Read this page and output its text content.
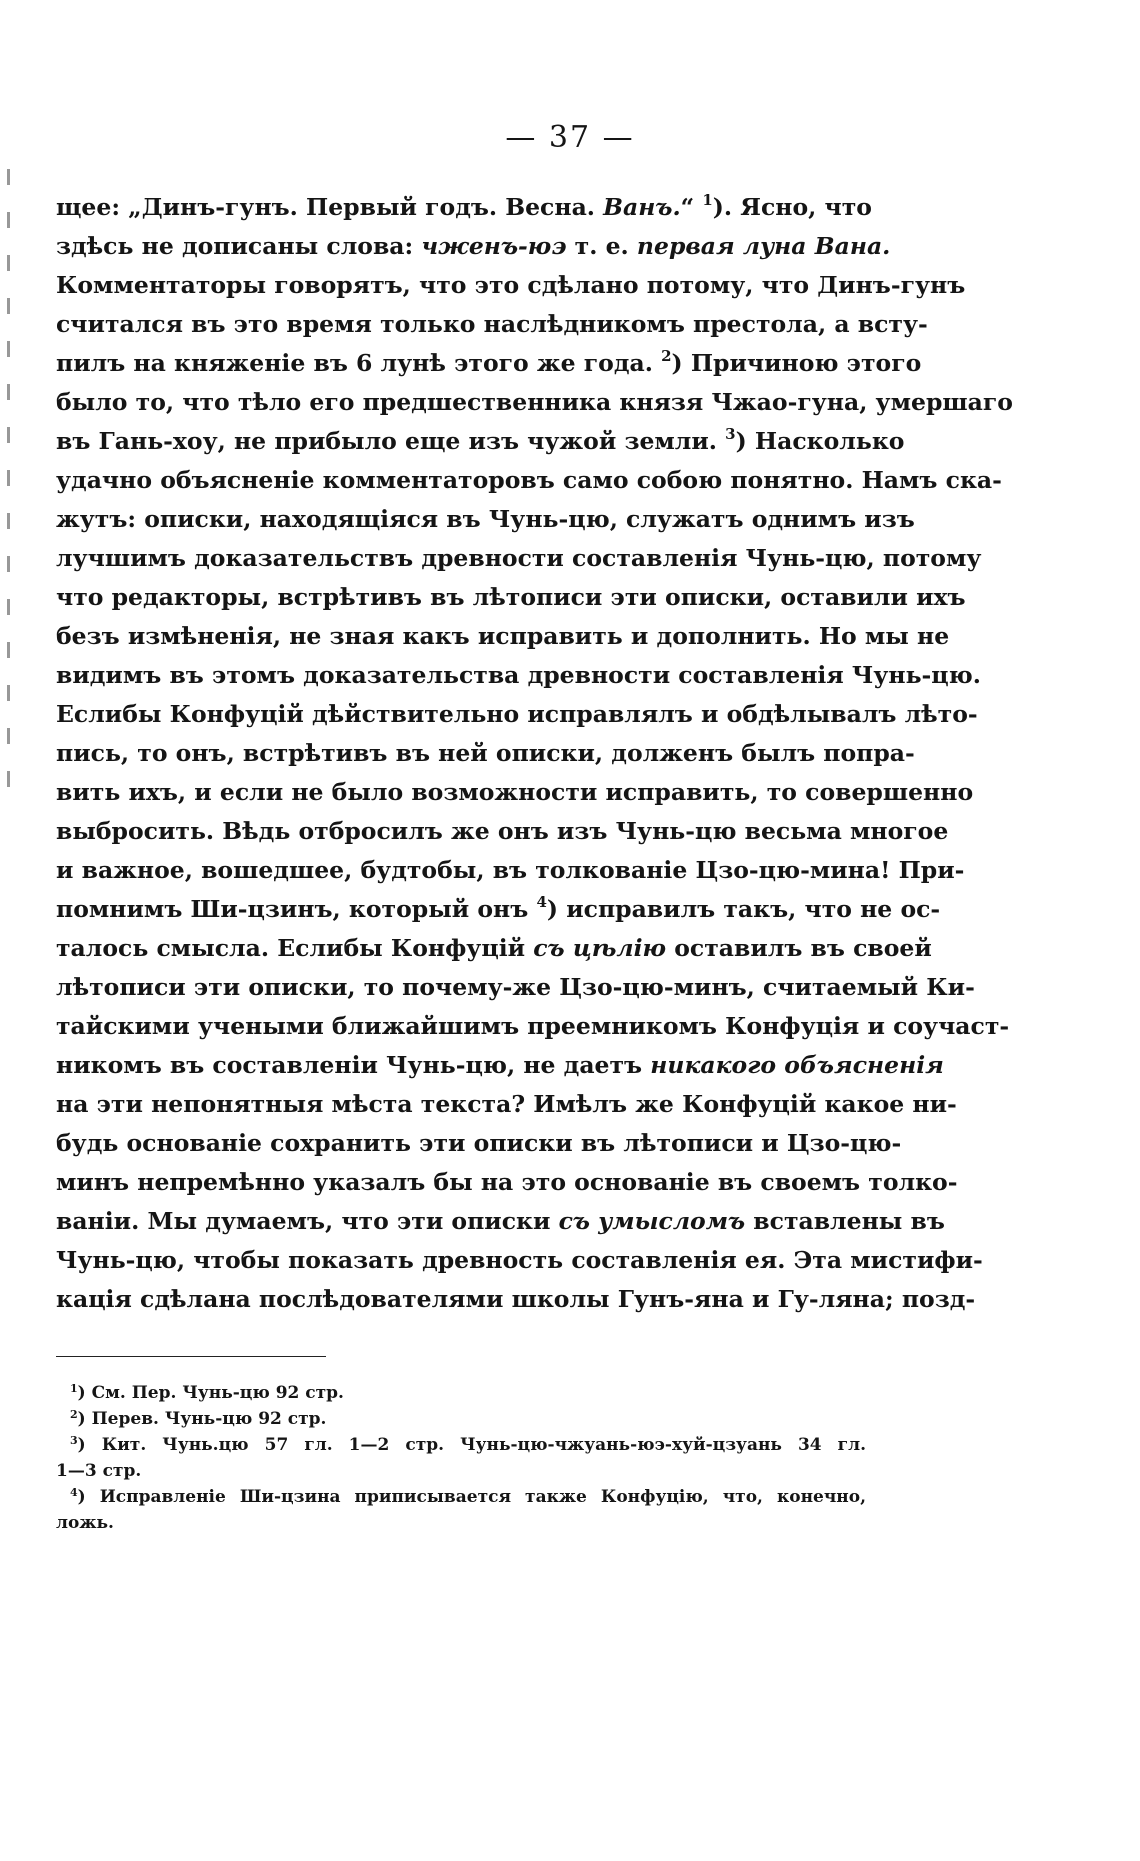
— 37 —
щее: „Динъ-гунъ. Первый годъ. Весна. Ванъ.“ $^1$). Ясно, что
здѣсь не дописаны слова: чженъ-юэ т. е. первая луна Вана.
Комментаторы говорятъ, что это сдѣлано потому, что Динъ-гунъ
считался въ это время только наслѣдникомъ престола, а всту-
пилъ на княженіе въ 6 лунѣ этого же года. $^2$) Причиною этого
было то, что тѣло его предшественника князя Чжао-гуна, умершаго
въ Гань-хоу, не прибыло еще изъ чужой земли. $^3$) Насколько
удачно объясненіе комментаторовъ само собою понятно. Намъ ска-
жутъ: описки, находящіяся въ Чунь-цю, служатъ однимъ изъ
лучшимъ доказательствъ древности составленія Чунь-цю, потому
что редакторы, встрѣтивъ въ лѣтописи эти описки, оставили ихъ
безъ измѣненія, не зная какъ исправить и дополнить. Но мы не
видимъ въ этомъ доказательства древности составленія Чунь-цю.
Еслибы Конфуцій дѣйствительно исправлялъ и обдѣлывалъ лѣто-
пись, то онъ, встрѣтивъ въ ней описки, долженъ былъ попра-
вить ихъ, и если не было возможности исправить, то совершенно
выбросить. Вѣдь отбросилъ же онъ изъ Чунь-цю весьма многое
и важное, вошедшее, будтобы, въ толкованіе Цзо-цю-мина! При-
помнимъ Ши-цзинъ, который онъ $^4$) исправилъ такъ, что не ос-
талось смысла. Еслибы Конфуцій съ цѣлію оставилъ въ своей
лѣтописи эти описки, то почему-же Цзо-цю-минъ, считаемый Ки-
тайскими учеными ближайшимъ преемникомъ Конфуція и соучаст-
никомъ въ составленіи Чунь-цю, не даетъ никакого объясненія
на эти непонятныя мѣста текста? Имѣлъ же Конфуцій какое ни-
будь основаніе сохранить эти описки въ лѣтописи и Цзо-цю-
минъ непремѣнно указалъ бы на это основаніе въ своемъ толко-
ваніи. Мы думаемъ, что эти описки съ умысломъ вставлены въ
Чунь-цю, чтобы показать древность составленія ея. Эта мистифи-
кація сдѣлана послѣдователями школы Гунъ-яна и Гу-ляна; позд-
$^1$) См. Пер. Чунь-цю 92 стр.
$^2$) Перев. Чунь-цю 92 стр.
$^3$) Кит. Чунь.цю 57 гл. 1—2 стр. Чунь-цю-чжуань-юэ-хуй-цзуань 34 гл.
1—3 стр.
$^4$) Исправленіе Ши-цзина приписывается также Конфуцію, что, конечно,
ложь.
